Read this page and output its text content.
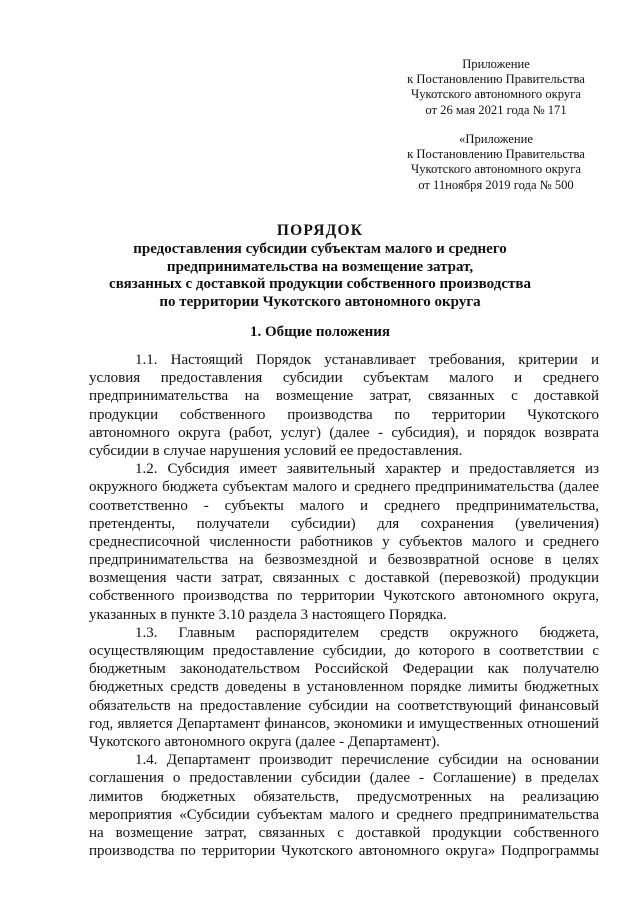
Приложение
к Постановлению Правительства
Чукотского автономного округа
от 26 мая 2021 года № 171
«Приложение
к Постановлению Правительства
Чукотского автономного округа
от 11ноября 2019 года № 500
ПОРЯДОК
предоставления субсидии субъектам малого и среднего
предпринимательства на возмещение затрат,
связанных с доставкой продукции собственного производства
по территории Чукотского автономного округа
1. Общие положения
1.1. Настоящий Порядок устанавливает требования, критерии и
условия предоставления субсидии субъектам малого и среднего
предпринимательства на возмещение затрат, связанных с доставкой
продукции собственного производства по территории Чукотского
автономного округа (работ, услуг) (далее - субсидия), и порядок возврата
субсидии в случае нарушения условий ее предоставления.
1.2. Субсидия имеет заявительный характер и предоставляется из
окружного бюджета субъектам малого и среднего предпринимательства (далее
соответственно - субъекты малого и среднего предпринимательства,
претенденты, получатели субсидии) для сохранения (увеличения)
среднесписочной численности работников у субъектов малого и среднего
предпринимательства на безвозмездной и безвозвратной основе в целях
возмещения части затрат, связанных с доставкой (перевозкой) продукции
собственного производства по территории Чукотского автономного округа,
указанных в пункте 3.10 раздела 3 настоящего Порядка.
1.3. Главным распорядителем средств окружного бюджета,
осуществляющим предоставление субсидии, до которого в соответствии с
бюджетным законодательством Российской Федерации как получателю
бюджетных средств доведены в установленном порядке лимиты бюджетных
обязательств на предоставление субсидии на соответствующий финансовый
год, является Департамент финансов, экономики и имущественных отношений
Чукотского автономного округа (далее - Департамент).
1.4. Департамент производит перечисление субсидии на основании
соглашения о предоставлении субсидии (далее - Соглашение) в пределах
лимитов бюджетных обязательств, предусмотренных на реализацию
мероприятия «Субсидии субъектам малого и среднего предпринимательства
на возмещение затрат, связанных с доставкой продукции собственного
производства по территории Чукотского автономного округа» Подпрограммы
